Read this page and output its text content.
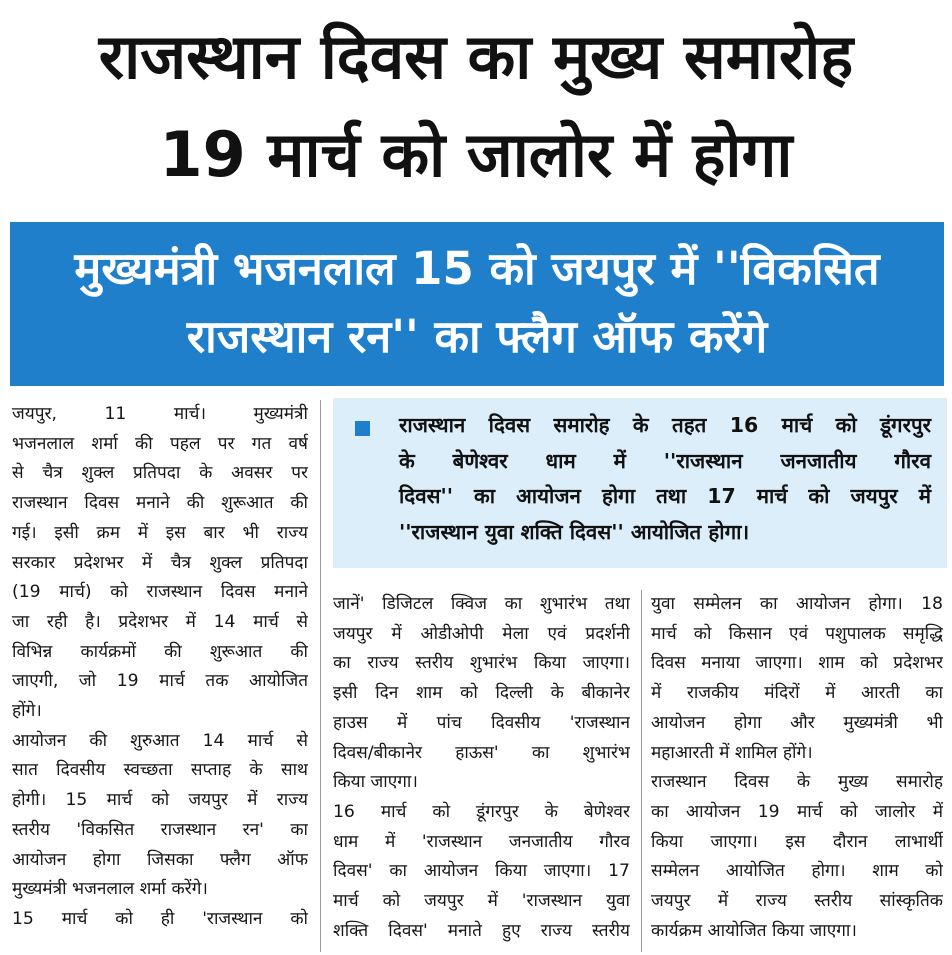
राजस्थान दिवस का मुख्य समारोह
19 मार्च को जालोर में होगा
मुख्यमंत्री भजनलाल 15 को जयपुर में ''विकसित
राजस्थान रन'' का फ्लैग ऑफ करेंगे
राजस्थान दिवस समारोह के तहत 16 मार्च को डूंगरपुर
के बेणेश्वर धाम में ''राजस्थान जनजातीय गौरव
दिवस'' का आयोजन होगा तथा 17 मार्च को जयपुर में
''राजस्थान युवा शक्ति दिवस'' आयोजित होगा।
जयपुर, 11 मार्च। मुख्यमंत्री
भजनलाल शर्मा की पहल पर गत वर्ष
से चैत्र शुक्ल प्रतिपदा के अवसर पर
राजस्थान दिवस मनाने की शुरूआत की
गई। इसी क्रम में इस बार भी राज्य
सरकार प्रदेशभर में चैत्र शुक्ल प्रतिपदा
(19 मार्च) को राजस्थान दिवस मनाने
जा रही है। प्रदेशभर में 14 मार्च से
विभिन्न कार्यक्रमों की शुरूआत की
जाएगी, जो 19 मार्च तक आयोजित
होंगे।
आयोजन की शुरुआत 14 मार्च से
सात दिवसीय स्वच्छता सप्ताह के साथ
होगी। 15 मार्च को जयपुर में राज्य
स्तरीय 'विकसित राजस्थान रन' का
आयोजन होगा जिसका फ्लैग ऑफ
मुख्यमंत्री भजनलाल शर्मा करेंगे।
15 मार्च को ही 'राजस्थान को
जानें' डिजिटल क्विज का शुभारंभ तथा
जयपुर में ओडीओपी मेला एवं प्रदर्शनी
का राज्य स्तरीय शुभारंभ किया जाएगा।
इसी दिन शाम को दिल्ली के बीकानेर
हाउस में पांच दिवसीय 'राजस्थान
दिवस/बीकानेर हाऊस' का शुभारंभ
किया जाएगा।
16 मार्च को डूंगरपुर के बेणेश्वर
धाम में 'राजस्थान जनजातीय गौरव
दिवस' का आयोजन किया जाएगा। 17
मार्च को जयपुर में 'राजस्थान युवा
शक्ति दिवस' मनाते हुए राज्य स्तरीय
युवा सम्मेलन का आयोजन होगा। 18
मार्च को किसान एवं पशुपालक समृद्धि
दिवस मनाया जाएगा। शाम को प्रदेशभर
में राजकीय मंदिरों में आरती का
आयोजन होगा और मुख्यमंत्री भी
महाआरती में शामिल होंगे।
राजस्थान दिवस के मुख्य समारोह
का आयोजन 19 मार्च को जालोर में
किया जाएगा। इस दौरान लाभार्थी
सम्मेलन आयोजित होगा। शाम को
जयपुर में राज्य स्तरीय सांस्कृतिक
कार्यक्रम आयोजित किया जाएगा।
